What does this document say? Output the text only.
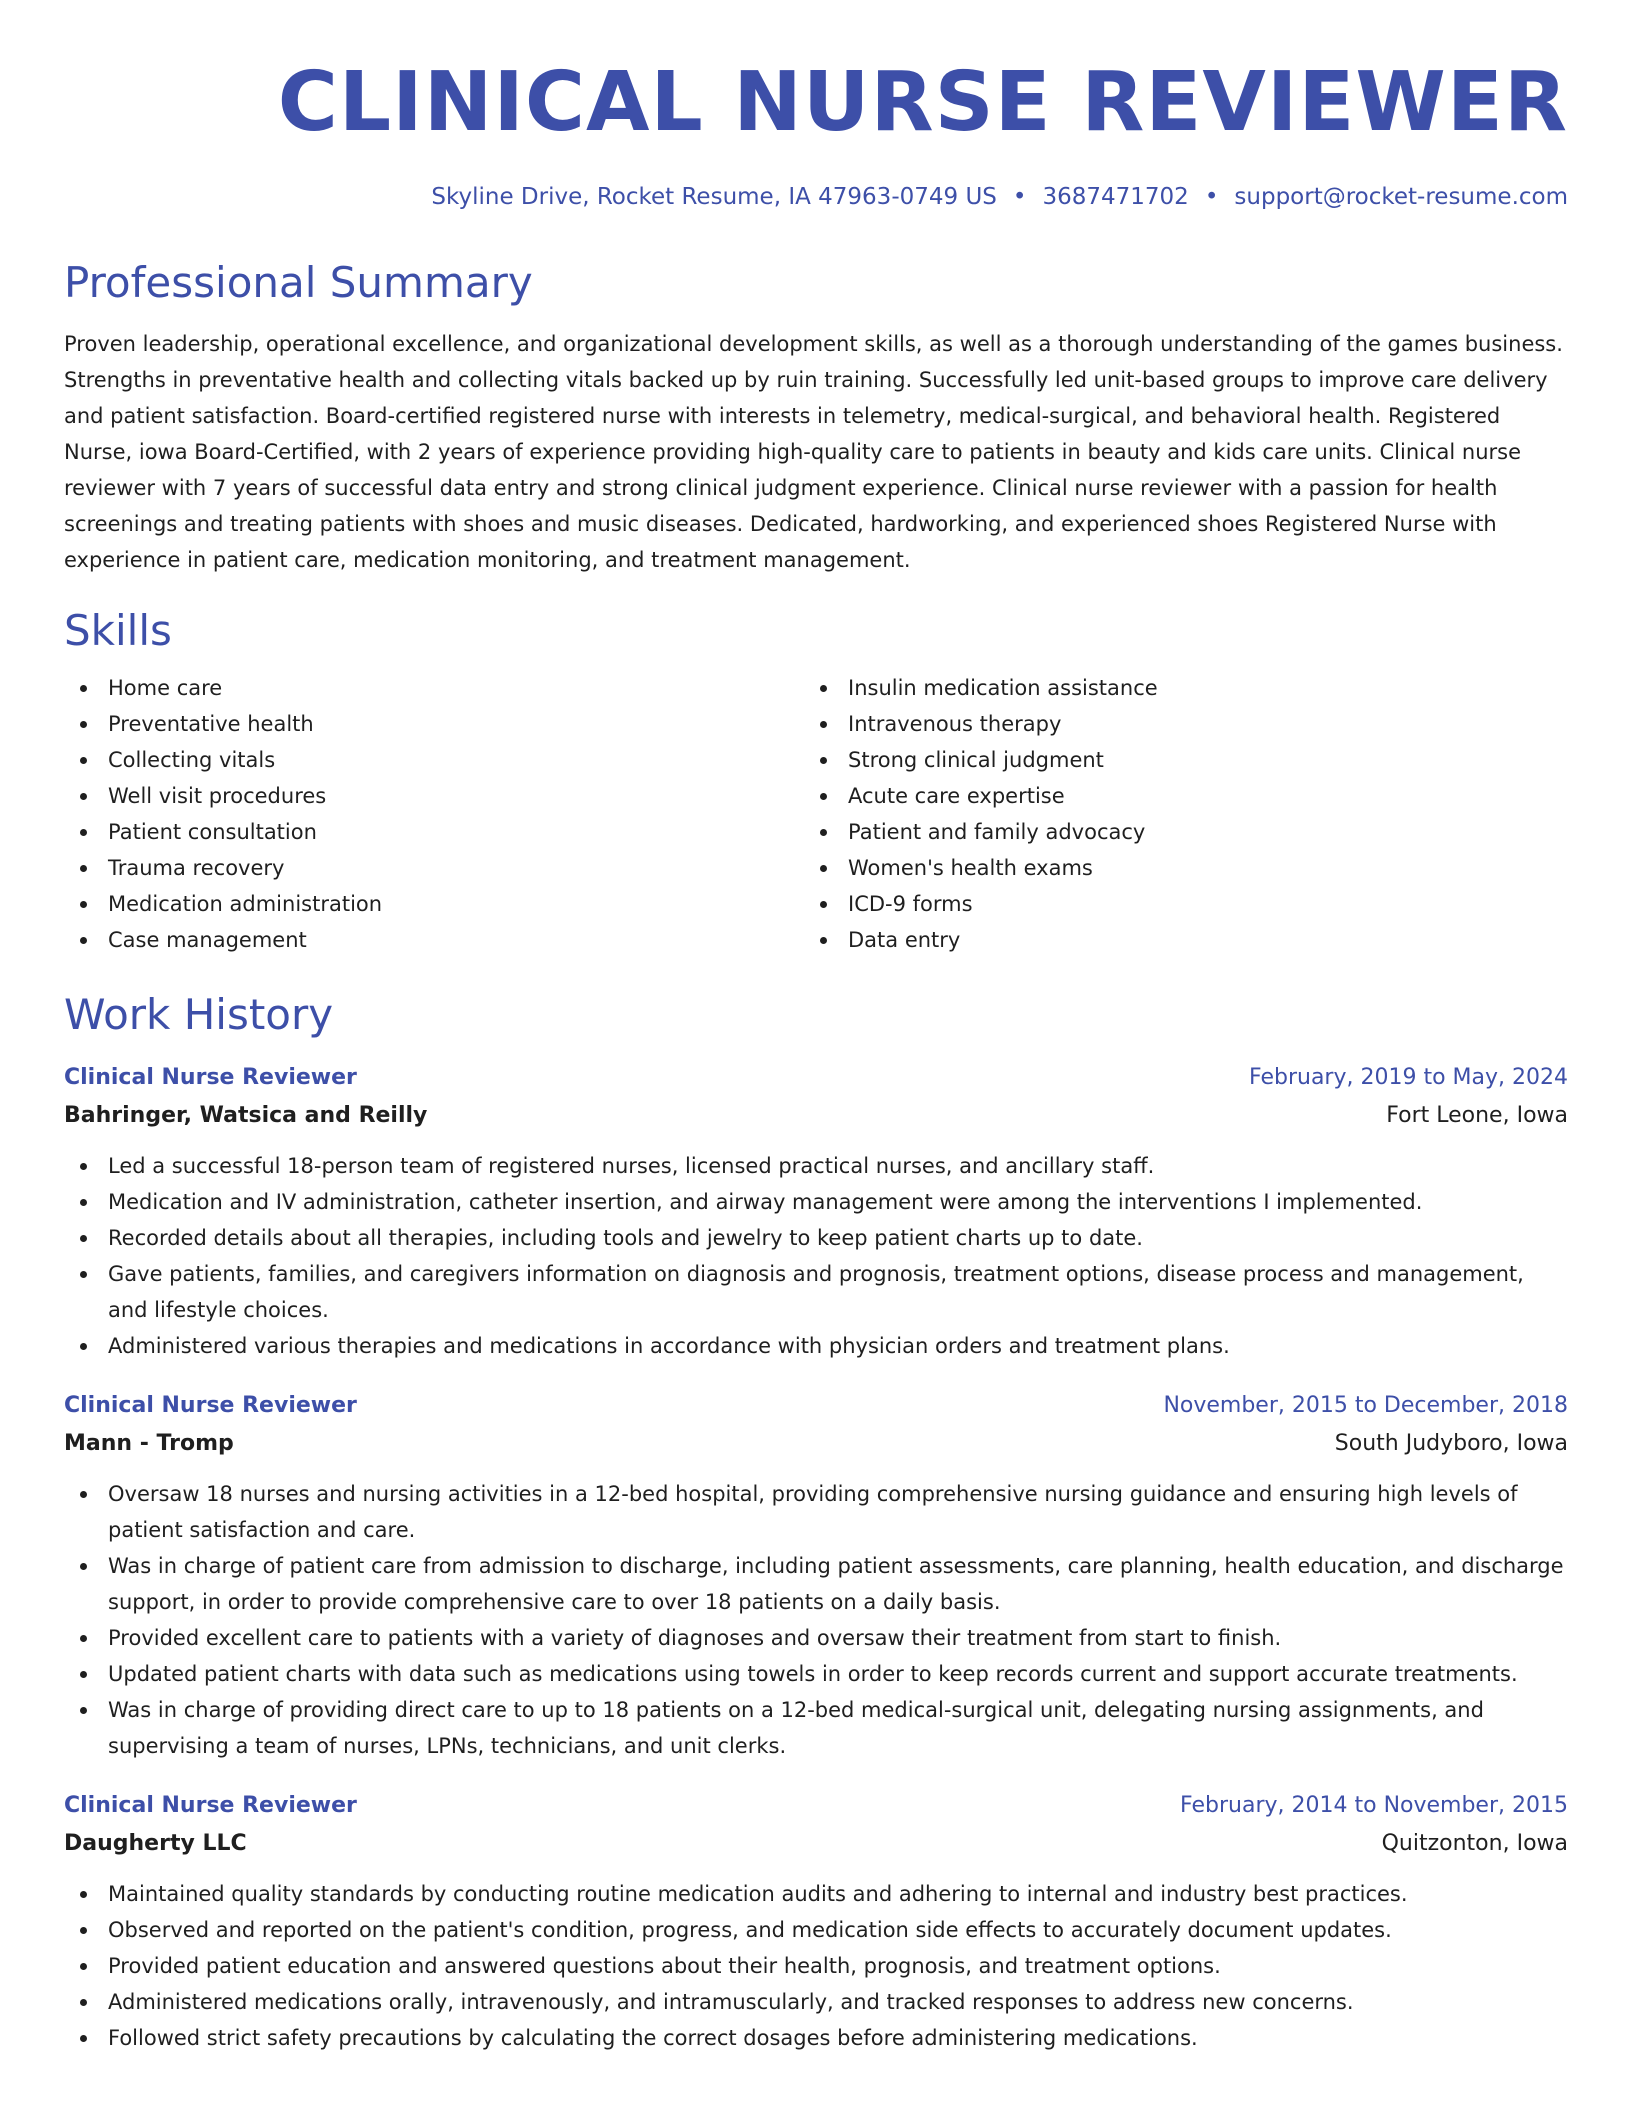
CLINICAL NURSE REVIEWER
Skyline Drive, Rocket Resume, IA 47963-0749 US • 3687471702 • support@rocket-resume.com
Professional Summary

Proven leadership, operational excellence, and organizational development skills, as well as a thorough understanding of the games business. Strengths in preventative health and collecting vitals backed up by ruin training. Successfully led unit-based groups to improve care delivery and patient satisfaction. Board-certified registered nurse with interests in telemetry, medical-surgical, and behavioral health. Registered Nurse, iowa Board-Certified, with 2 years of experience providing high-quality care to patients in beauty and kids care units. Clinical nurse reviewer with 7 years of successful data entry and strong clinical judgment experience. Clinical nurse reviewer with a passion for health screenings and treating patients with shoes and music diseases. Dedicated, hardworking, and experienced shoes Registered Nurse with experience in patient care, medication monitoring, and treatment management.

Skills
Home care
Preventative health
Collecting vitals
Well visit procedures
Patient consultation
Trauma recovery
Medication administration
Case management
Insulin medication assistance
Intravenous therapy
Strong clinical judgment
Acute care expertise
Patient and family advocacy
Women's health exams
ICD-9 forms
Data entry
Work History
Clinical Nurse Reviewer	February, 2019 to May, 2024
Bahringer, Watsica and Reilly	Fort Leone, Iowa
Led a successful 18-person team of registered nurses, licensed practical nurses, and ancillary staff.
Medication and IV administration, catheter insertion, and airway management were among the interventions I implemented.
Recorded details about all therapies, including tools and jewelry to keep patient charts up to date.
Gave patients, families, and caregivers information on diagnosis and prognosis, treatment options, disease process and management, and lifestyle choices.
Administered various therapies and medications in accordance with physician orders and treatment plans.
Clinical Nurse Reviewer	November, 2015 to December, 2018
Mann - Tromp	South Judyboro, Iowa
Oversaw 18 nurses and nursing activities in a 12-bed hospital, providing comprehensive nursing guidance and ensuring high levels of patient satisfaction and care.
Was in charge of patient care from admission to discharge, including patient assessments, care planning, health education, and discharge support, in order to provide comprehensive care to over 18 patients on a daily basis.
Provided excellent care to patients with a variety of diagnoses and oversaw their treatment from start to finish.
Updated patient charts with data such as medications using towels in order to keep records current and support accurate treatments.
Was in charge of providing direct care to up to 18 patients on a 12-bed medical-surgical unit, delegating nursing assignments, and supervising a team of nurses, LPNs, technicians, and unit clerks.
Clinical Nurse Reviewer	February, 2014 to November, 2015
Daugherty LLC	Quitzonton, Iowa
Maintained quality standards by conducting routine medication audits and adhering to internal and industry best practices.
Observed and reported on the patient's condition, progress, and medication side effects to accurately document updates.
Provided patient education and answered questions about their health, prognosis, and treatment options.
Administered medications orally, intravenously, and intramuscularly, and tracked responses to address new concerns.
Followed strict safety precautions by calculating the correct dosages before administering medications.
